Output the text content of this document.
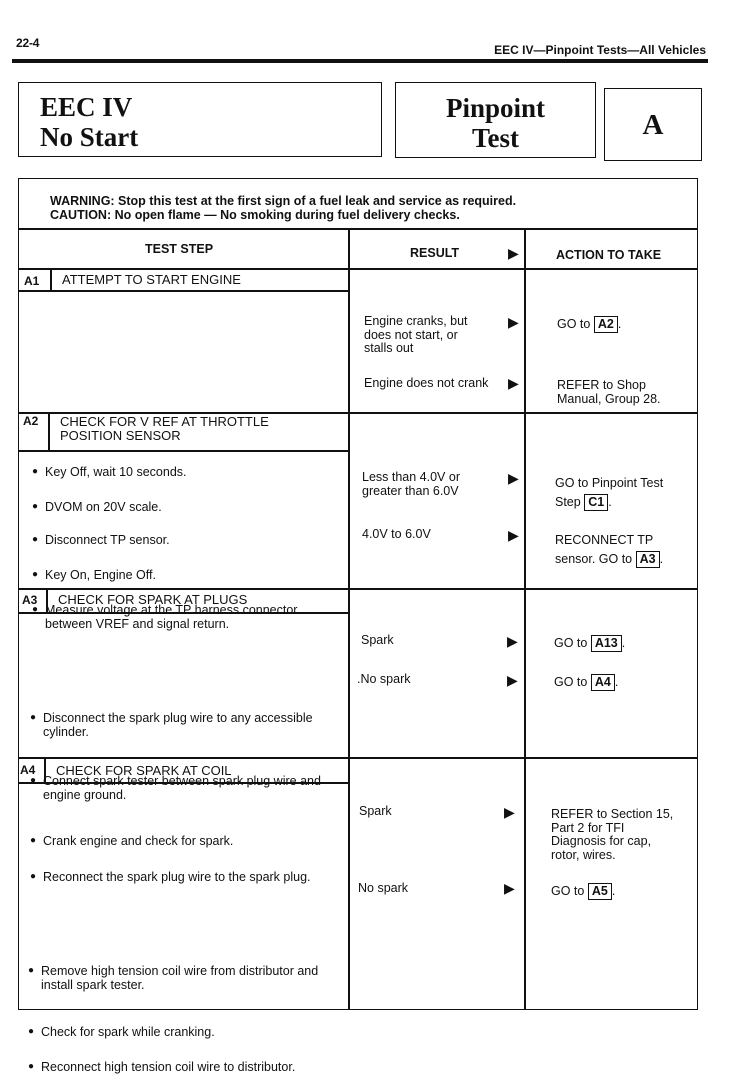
22-4	EEC IV—Pinpoint Tests—All Vehicles
EEC IV
No Start
Pinpoint
Test	A
WARNING: Stop this test at the first sign of a fuel leak and service as required.
CAUTION: No open flame — No smoking during fuel delivery checks.
TEST STEP	RESULT	▶	ACTION TO TAKE
A1 ATTEMPT TO START ENGINE
Engine cranks, but
does not start, or
stalls out
▶	GO to A2 .
Engine does not crank ▶	REFER to Shop
Manual, Group 28.
A2 CHECK FOR V REF AT THROTTLE
POSITION SENSOR
● Key Off, wait 10 seconds.
● DVOM on 20V scale.
● Disconnect TP sensor.
● Key On, Engine Off.
● Measure voltage at the TP harness connector between VREF and signal return.
Less than 4.0V or
greater than 6.0V
▶	GO to Pinpoint Test
Step C1 .
4.0V to 6.0V	▶	RECONNECT TP
sensor. GO to A3 .
A3 CHECK FOR SPARK AT PLUGS
● Disconnect the spark plug wire to any accessible cylinder.
● Connect spark tester between spark plug wire and engine ground.
● Crank engine and check for spark.
● Reconnect the spark plug wire to the spark plug.
Spark	▶	GO to A13 .
.No spark	▶	GO to A4 .
A4 CHECK FOR SPARK AT COIL
● Remove high tension coil wire from distributor and install spark tester.
● Check for spark while cranking.
● Reconnect high tension coil wire to distributor.
Spark	▶	REFER to Section 15,
Part 2 for TFI
Diagnosis for cap,
rotor, wires.
No spark	▶	GO to A5 .
